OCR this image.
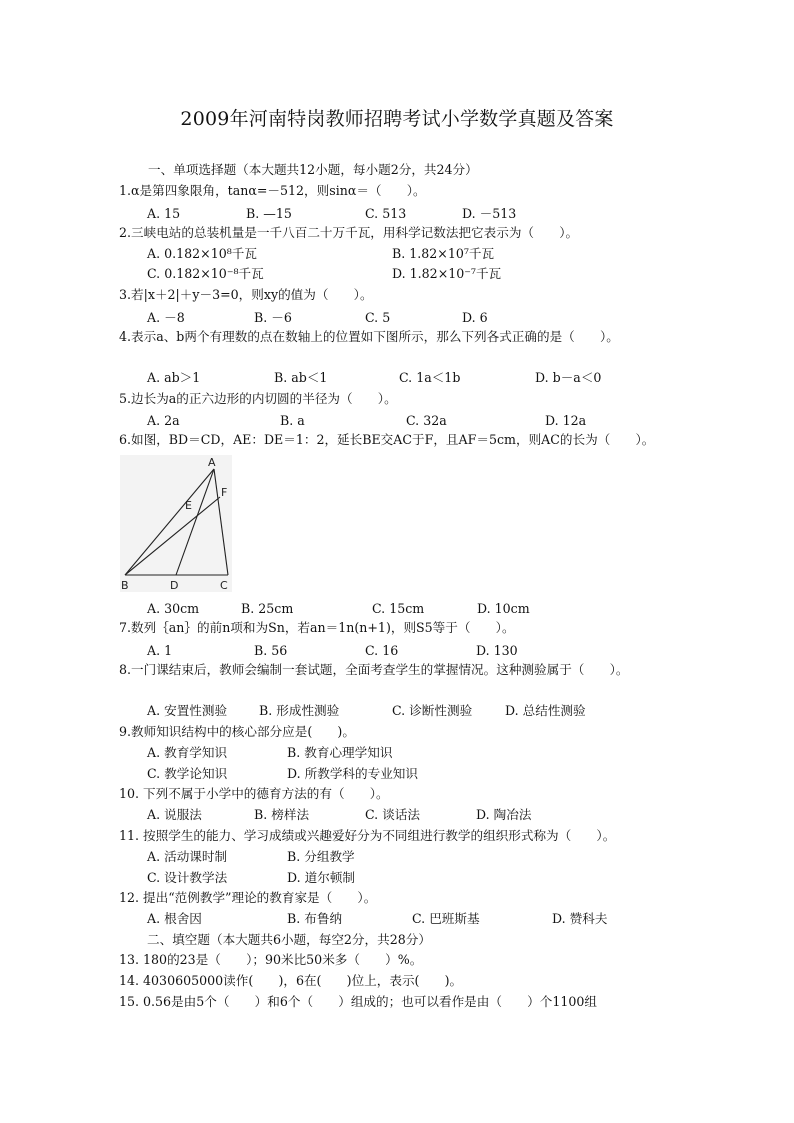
2009年河南特岗教师招聘考试小学数学真题及答案
一、单项选择题（本大题共12小题，每小题2分，共24分）
1.α是第四象限角，tanα=－512，则sinα＝（　　）。
A. 15	B. —15	C. 513	D. －513
2.三峡电站的总装机量是一千八百二十万千瓦，用科学记数法把它表示为（　　）。
A. 0.182×10⁸千瓦	B. 1.82×10⁷千瓦
C. 0.182×10⁻⁸千瓦	D. 1.82×10⁻⁷千瓦
3.若|x＋2|＋y－3=0，则xy的值为（　　）。
A. －8	B. －6	C. 5	D. 6
4.表示a、b两个有理数的点在数轴上的位置如下图所示，那么下列各式正确的是（　　）。
A. ab＞1	B. ab＜1	C. 1a＜1b	D. b－a＜0
5.边长为a的正六边形的内切圆的半径为（　　）。
A. 2a	B. a	C. 32a	D. 12a
6.如图，BD＝CD，AE：DE＝1：2，延长BE交AC于F，且AF＝5cm，则AC的长为（　　）。
A
F
E
B	D	C
A. 30cm	B. 25cm	C. 15cm	D. 10cm
7.数列｛an｝的前n项和为Sn，若an＝1n(n+1)，则S5等于（　　）。
A. 1	B. 56	C. 16	D. 130
8.一门课结束后，教师会编制一套试题，全面考查学生的掌握情况。这种测验属于（　　）。
A. 安置性测验	B. 形成性测验	C. 诊断性测验	D. 总结性测验
9.教师知识结构中的核心部分应是(　　)。
A. 教育学知识	B. 教育心理学知识
C. 教学论知识	D. 所教学科的专业知识
10. 下列不属于小学中的德育方法的有（　　）。
A. 说服法	B. 榜样法	C. 谈话法	D. 陶冶法
11. 按照学生的能力、学习成绩或兴趣爱好分为不同组进行教学的组织形式称为（　　）。
A. 活动课时制	B. 分组教学
C. 设计教学法	D. 道尔顿制
12. 提出“范例教学”理论的教育家是（　　）。
A. 根舍因	B. 布鲁纳	C. 巴班斯基	D. 赞科夫
二、填空题（本大题共6小题，每空2分，共28分）
13. 180的23是（　　）；90米比50米多（　　）%。
14. 4030605000读作(　　)，6在(　　)位上，表示(　　)。
15. 0.56是由5个（　　）和6个（　　）组成的；也可以看作是由（　　）个1100组
